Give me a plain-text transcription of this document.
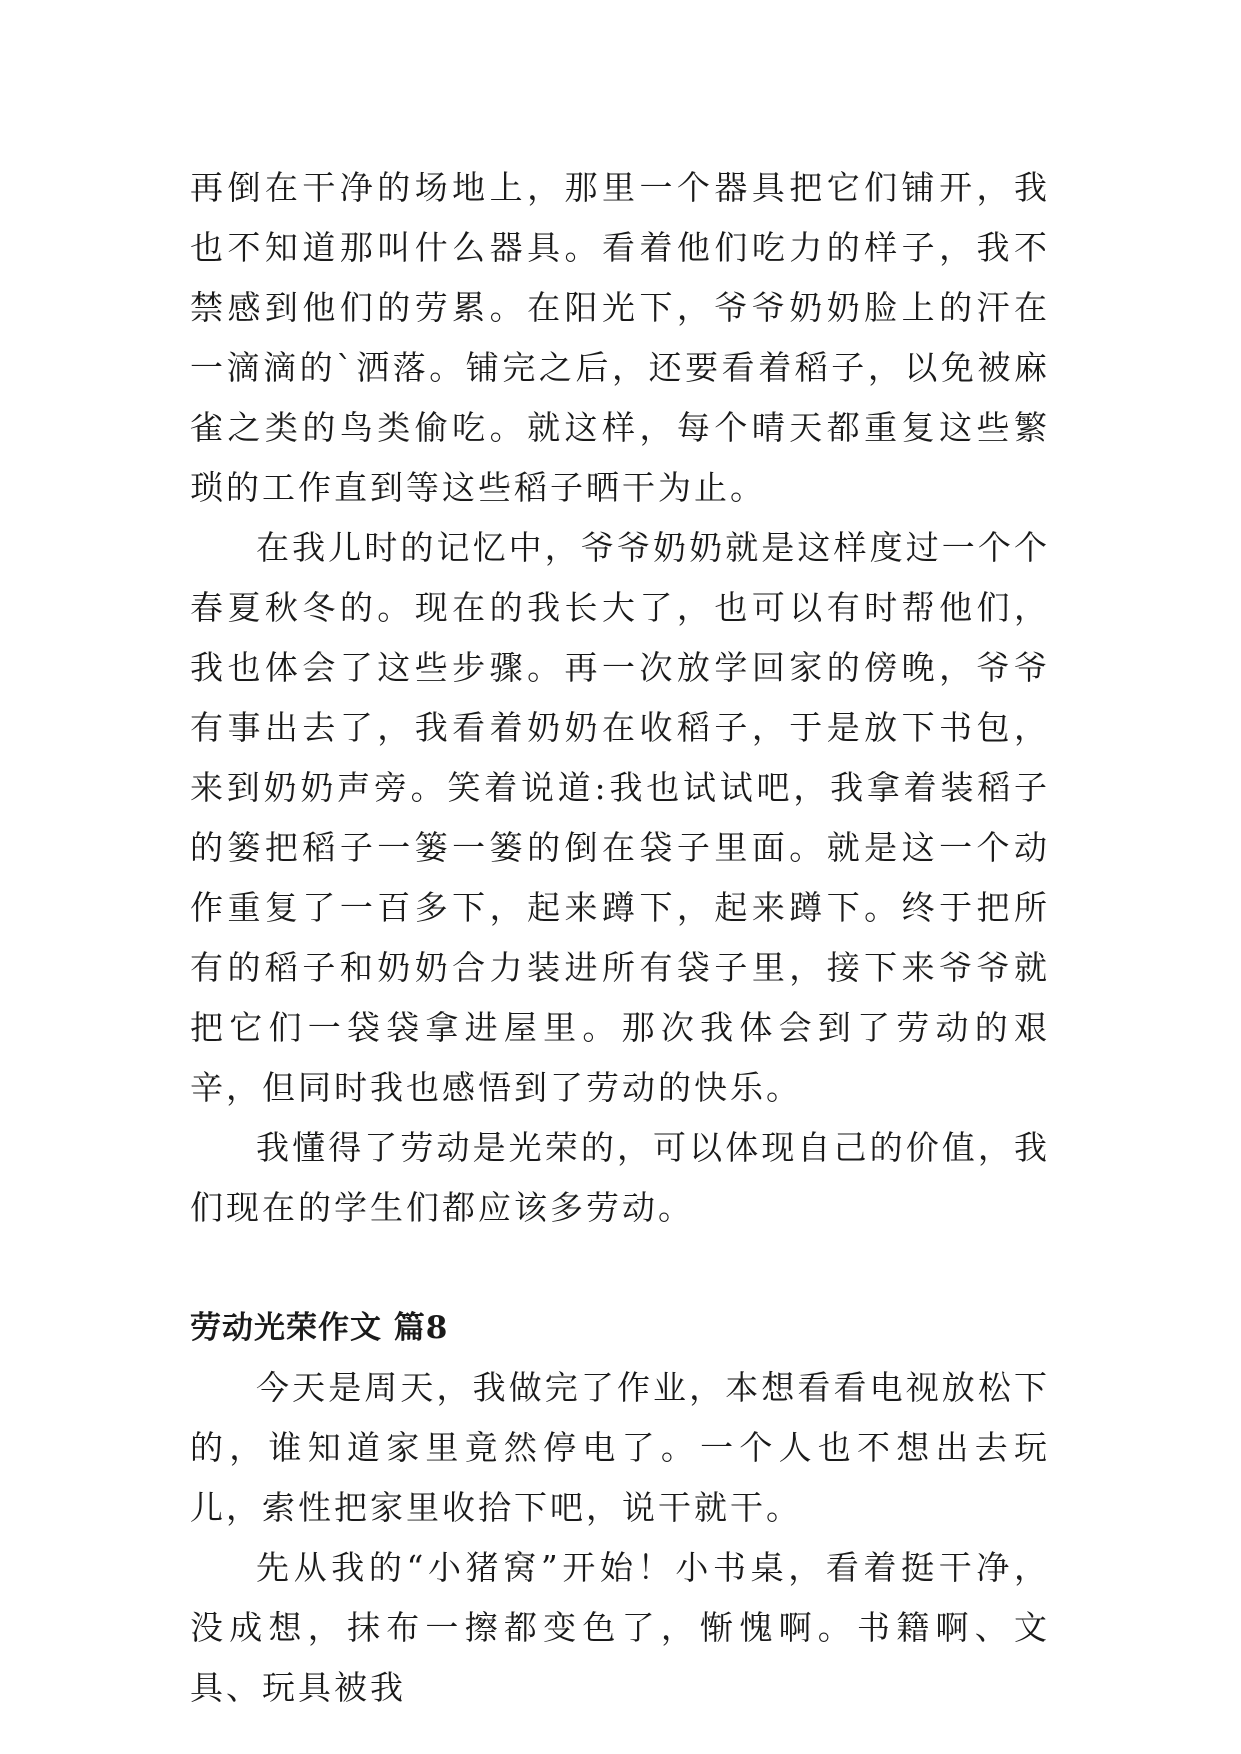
再倒在干净的场地上，那里一个器具把它们铺开，我也不知道那叫什么器具。看着他们吃力的样子，我不禁感到他们的劳累。在阳光下，爷爷奶奶脸上的汗在一滴滴的`洒落。铺完之后，还要看着稻子，以免被麻雀之类的鸟类偷吃。就这样，每个晴天都重复这些繁琐的工作直到等这些稻子晒干为止。

在我儿时的记忆中，爷爷奶奶就是这样度过一个个春夏秋冬的。现在的我长大了，也可以有时帮他们，我也体会了这些步骤。再一次放学回家的傍晚，爷爷有事出去了，我看着奶奶在收稻子，于是放下书包，来到奶奶声旁。笑着说道:我也试试吧，我拿着装稻子的篓把稻子一篓一篓的倒在袋子里面。就是这一个动作重复了一百多下，起来蹲下，起来蹲下。终于把所有的稻子和奶奶合力装进所有袋子里，接下来爷爷就把它们一袋袋拿进屋里。那次我体会到了劳动的艰辛，但同时我也感悟到了劳动的快乐。

我懂得了劳动是光荣的，可以体现自己的价值，我们现在的学生们都应该多劳动。

劳动光荣作文 篇8

今天是周天，我做完了作业，本想看看电视放松下的，谁知道家里竟然停电了。一个人也不想出去玩儿，索性把家里收拾下吧，说干就干。

先从我的“小猪窝”开始！小书桌，看着挺干净，没成想，抹布一擦都变色了，惭愧啊。书籍啊、文具、玩具被我
